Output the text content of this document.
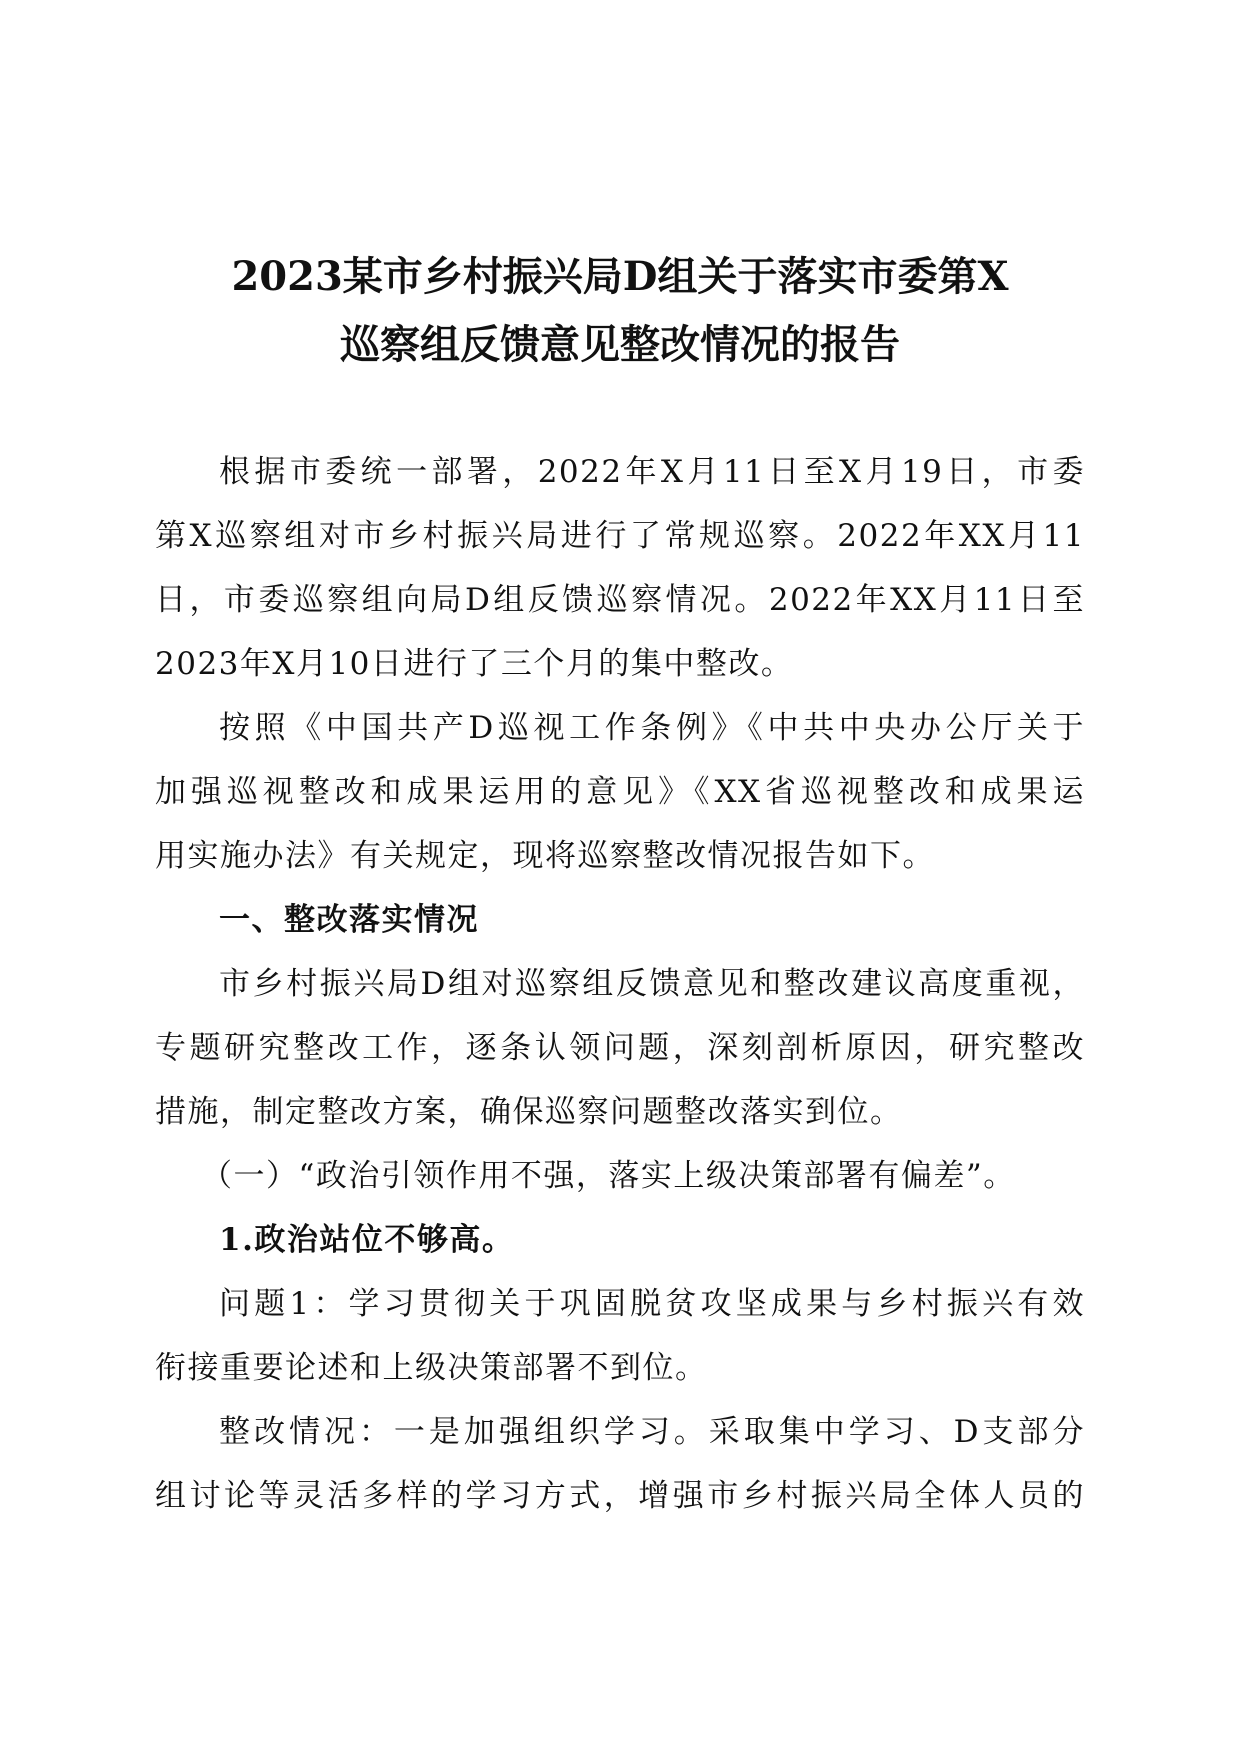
2023某市乡村振兴局D组关于落实市委第X
巡察组反馈意见整改情况的报告
根据市委统一部署，2022年X月11日至X月19日，市委
第X巡察组对市乡村振兴局进行了常规巡察。2022年XX月11
日，市委巡察组向局D组反馈巡察情况。2022年XX月11日至
2023年X月10日进行了三个月的集中整改。
按照《中国共产D巡视工作条例》《中共中央办公厅关于
加强巡视整改和成果运用的意见》《XX省巡视整改和成果运
用实施办法》有关规定，现将巡察整改情况报告如下。
一、整改落实情况
市乡村振兴局D组对巡察组反馈意见和整改建议高度重视，
专题研究整改工作，逐条认领问题，深刻剖析原因，研究整改
措施，制定整改方案，确保巡察问题整改落实到位。
（一）“政治引领作用不强，落实上级决策部署有偏差”。
1.政治站位不够高。
问题1：学习贯彻关于巩固脱贫攻坚成果与乡村振兴有效
衔接重要论述和上级决策部署不到位。
整改情况：一是加强组织学习。采取集中学习、D支部分
组讨论等灵活多样的学习方式，增强市乡村振兴局全体人员的
